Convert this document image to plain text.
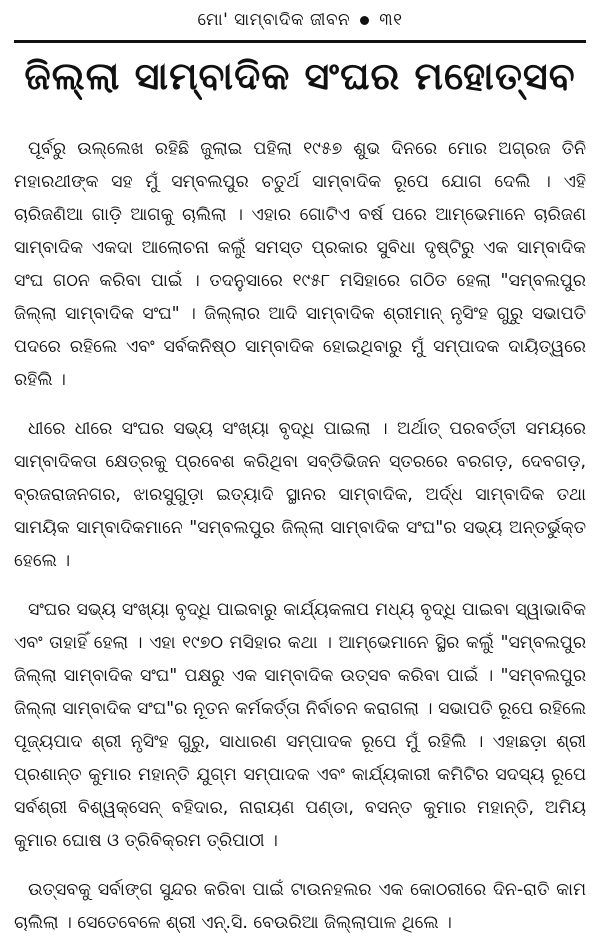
ମୋ' ସାମ୍ବାଦିକ ଜୀବନ ୩୧
ଜିଲ୍ଲା ସାମ୍ବାଦିକ ସଂଘର ମହୋତ୍ସବ

ପୂର୍ବରୁ ଉଲ୍ଲେଖ ରହିଛି ଜୁଲାଇ ପହିଲା ୧୯୫୭ ଶୁଭ ଦିନରେ ମୋର ଅଗ୍ରଜ ତିନି ମହାରଥୀଙ୍କ ସହ ମୁଁ ସମ୍ବଲପୁର ଚତୁର୍ଥ ସାମ୍ବାଦିକ ରୂପେ ଯୋଗ ଦେଲି । ଏହି ଚାରିଜଣିଆ ଗାଡ଼ି ଆଗକୁ ଚାଲିଲା । ଏହାର ଗୋଟିଏ ବର୍ଷ ପରେ ଆମ୍ଭେମାନେ ଚାରିଜଣ ସାମ୍ବାଦିକ ଏକଦା ଆଲୋଚନା କଲୁଁ ସମସ୍ତ ପ୍ରକାର ସୁବିଧା ଦୃଷ୍ଟିରୁ ଏକ ସାମ୍ବାଦିକ ସଂଘ ଗଠନ କରିବା ପାଇଁ । ତଦନୁସାରେ ୧୯୫୮ ମସିହାରେ ଗଠିତ ହେଲା "ସମ୍ବଲପୁର ଜିଲ୍ଲା ସାମ୍ବାଦିକ ସଂଘ" । ଜିଲ୍ଲାର ଆଦି ସାମ୍ବାଦିକ ଶ୍ରୀମାନ୍ ନୃସିଂହ ଗୁରୁ ସଭାପତି ପଦରେ ରହିଲେ ଏବଂ ସର୍ବକନିଷ୍ଠ ସାମ୍ବାଦିକ ହୋଇଥିବାରୁ ମୁଁ ସମ୍ପାଦକ ଦାୟିତ୍ୱରେ ରହିଲି ।

ଧୀରେ ଧୀରେ ସଂଘର ସଭ୍ୟ ସଂଖ୍ୟା ବୃଦ୍ଧି ପାଇଲା । ଅର୍ଥାତ୍ ପରବର୍ତ୍ତୀ ସମୟରେ ସାମ୍ବାଦିକତା କ୍ଷେତ୍ରକୁ ପ୍ରବେଶ କରିଥିବା ସବ୍‌ଡିଭିଜନ ସ୍ତରରେ ବରଗଡ଼, ଦେବଗଡ଼, ବ୍ରଜରାଜନଗର, ଝାରସୁଗୁଡ଼ା ଇତ୍ୟାଦି ସ୍ଥାନର ସାମ୍ବାଦିକ, ଅର୍ଦ୍ଧ ସାମ୍ବାଦିକ ତଥା ସାମୟିକ ସାମ୍ବାଦିକମାନେ "ସମ୍ବଲପୁର ଜିଲ୍ଲା ସାମ୍ବାଦିକ ସଂଘ"ର ସଭ୍ୟ ଅନ୍ତର୍ଭୁକ୍ତ ହେଲେ ।

ସଂଘର ସଭ୍ୟ ସଂଖ୍ୟା ବୃଦ୍ଧି ପାଇବାରୁ କାର୍ଯ୍ୟକଳାପ ମଧ୍ୟ ବୃଦ୍ଧି ପାଇବା ସ୍ୱାଭାବିକ ଏବଂ ତାହାହିଁ ହେଲା । ଏହା ୧୯୭୦ ମସିହାର କଥା । ଆମ୍ଭେମାନେ ସ୍ଥିର କଲୁଁ "ସମ୍ବଲପୁର ଜିଲ୍ଲା ସାମ୍ବାଦିକ ସଂଘ" ପକ୍ଷରୁ ଏକ ସାମ୍ବାଦିକ ଉତ୍ସବ କରିବା ପାଇଁ । "ସମ୍ବଲପୁର ଜିଲ୍ଲା ସାମ୍ବାଦିକ ସଂଘ"ର ନୂତନ କର୍ମକର୍ତ୍ତା ନିର୍ବାଚନ କରାଗଲା । ସଭାପତି ରୂପେ ରହିଲେ ପୂଜ୍ୟପାଦ ଶ୍ରୀ ନୃସିଂହ ଗୁରୁ, ସାଧାରଣ ସମ୍ପାଦକ ରୂପେ ମୁଁ ରହିଲି । ଏହାଛଡ଼ା ଶ୍ରୀ ପ୍ରଶାନ୍ତ କୁମାର ମହାନ୍ତି ଯୁଗ୍ମ ସମ୍ପାଦକ ଏବଂ କାର୍ଯ୍ୟକାରୀ କମିଟିର ସଦସ୍ୟ ରୂପେ ସର୍ବଶ୍ରୀ ବିଶ୍ୱକ୍ସେନ୍ ବହିଦାର, ନାରାୟଣ ପଣ୍ଡା, ବସନ୍ତ କୁମାର ମହାନ୍ତି, ଅମିୟ କୁମାର ଘୋଷ ଓ ତ୍ରିବିକ୍ରମ ତ୍ରିପାଠୀ ।

ଉତ୍ସବକୁ ସର୍ବାଙ୍ଗ ସୁନ୍ଦର କରିବା ପାଇଁ ଟାଉନହଲର ଏକ କୋଠରୀରେ ଦିନ-ରାତି କାମ ଚାଲିଲା । ସେତେବେଳେ ଶ୍ରୀ ଏନ୍.ସି. ବେଉରିଆ ଜିଲ୍ଲାପାଳ ଥିଲେ ।
